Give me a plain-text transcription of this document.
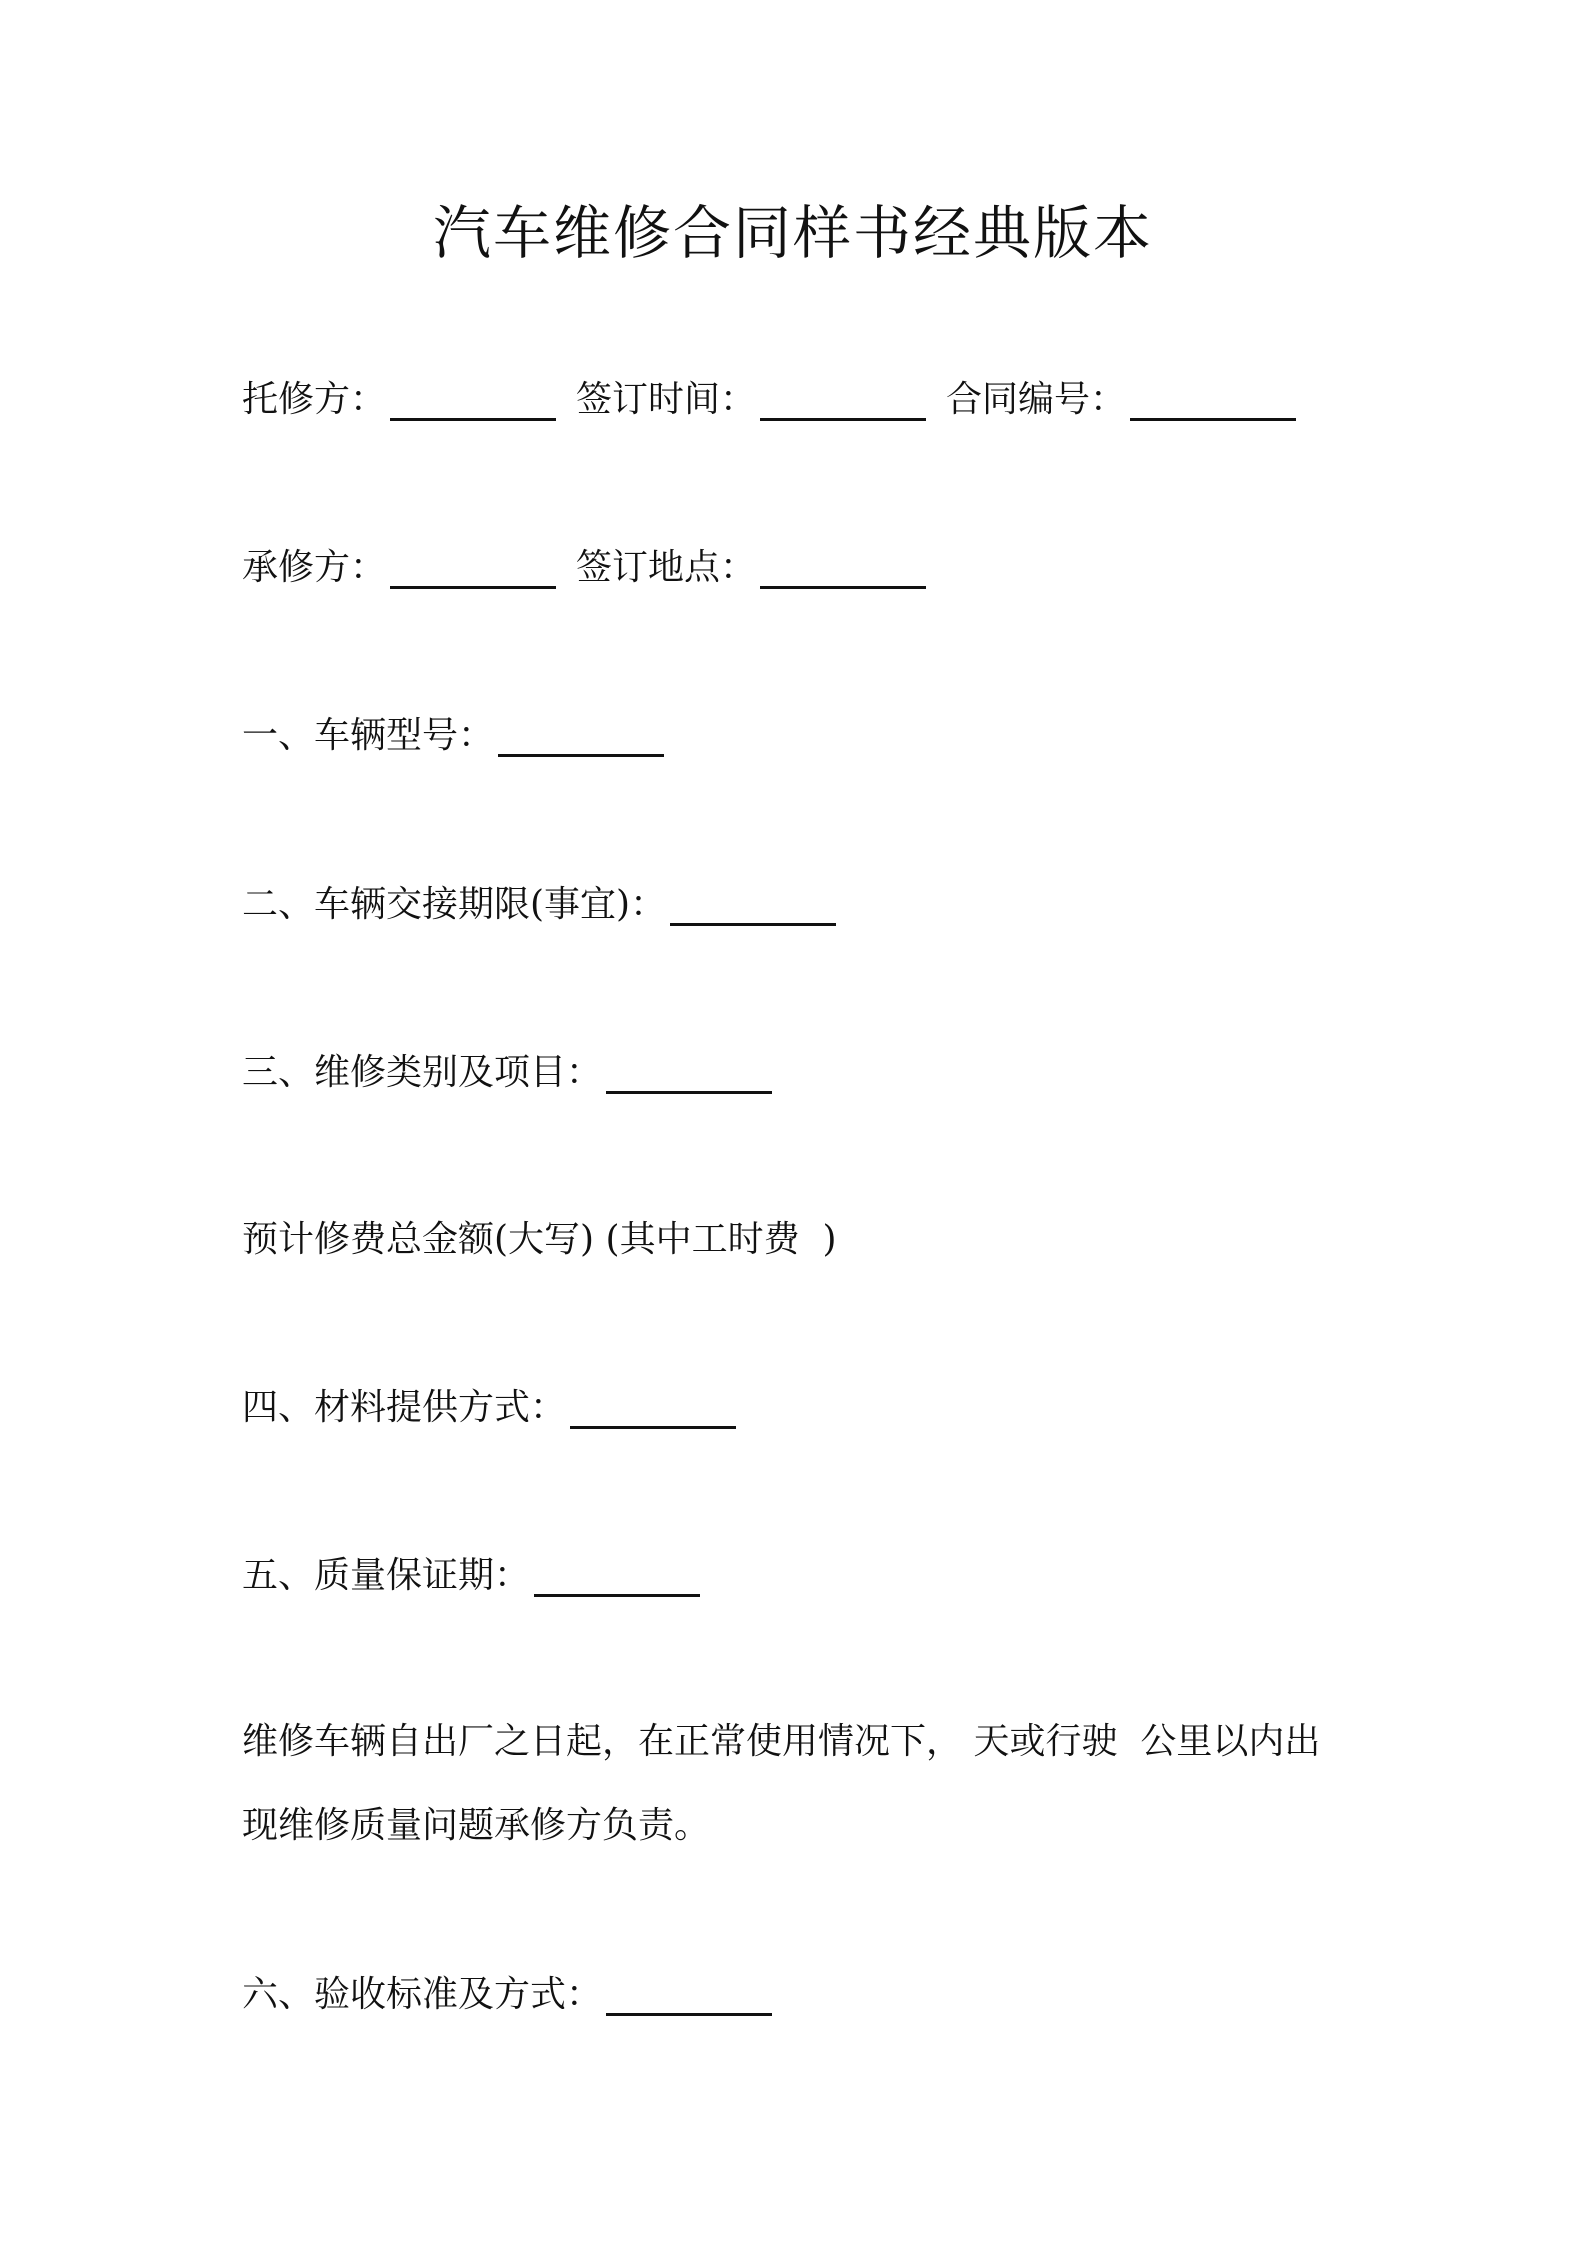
汽车维修合同样书经典版本
托修方：	签订时间：	合同编号：
承修方：	签订地点：
一、车辆型号：
二、车辆交接期限(事宜)：
三、维修类别及项目：
预计修费总金额(大写) (其中工时费  )
四、材料提供方式：
五、质量保证期：
维修车辆自出厂之日起，在正常使用情况下， 天或行驶  公里以内出
现维修质量问题承修方负责。
六、验收标准及方式：
